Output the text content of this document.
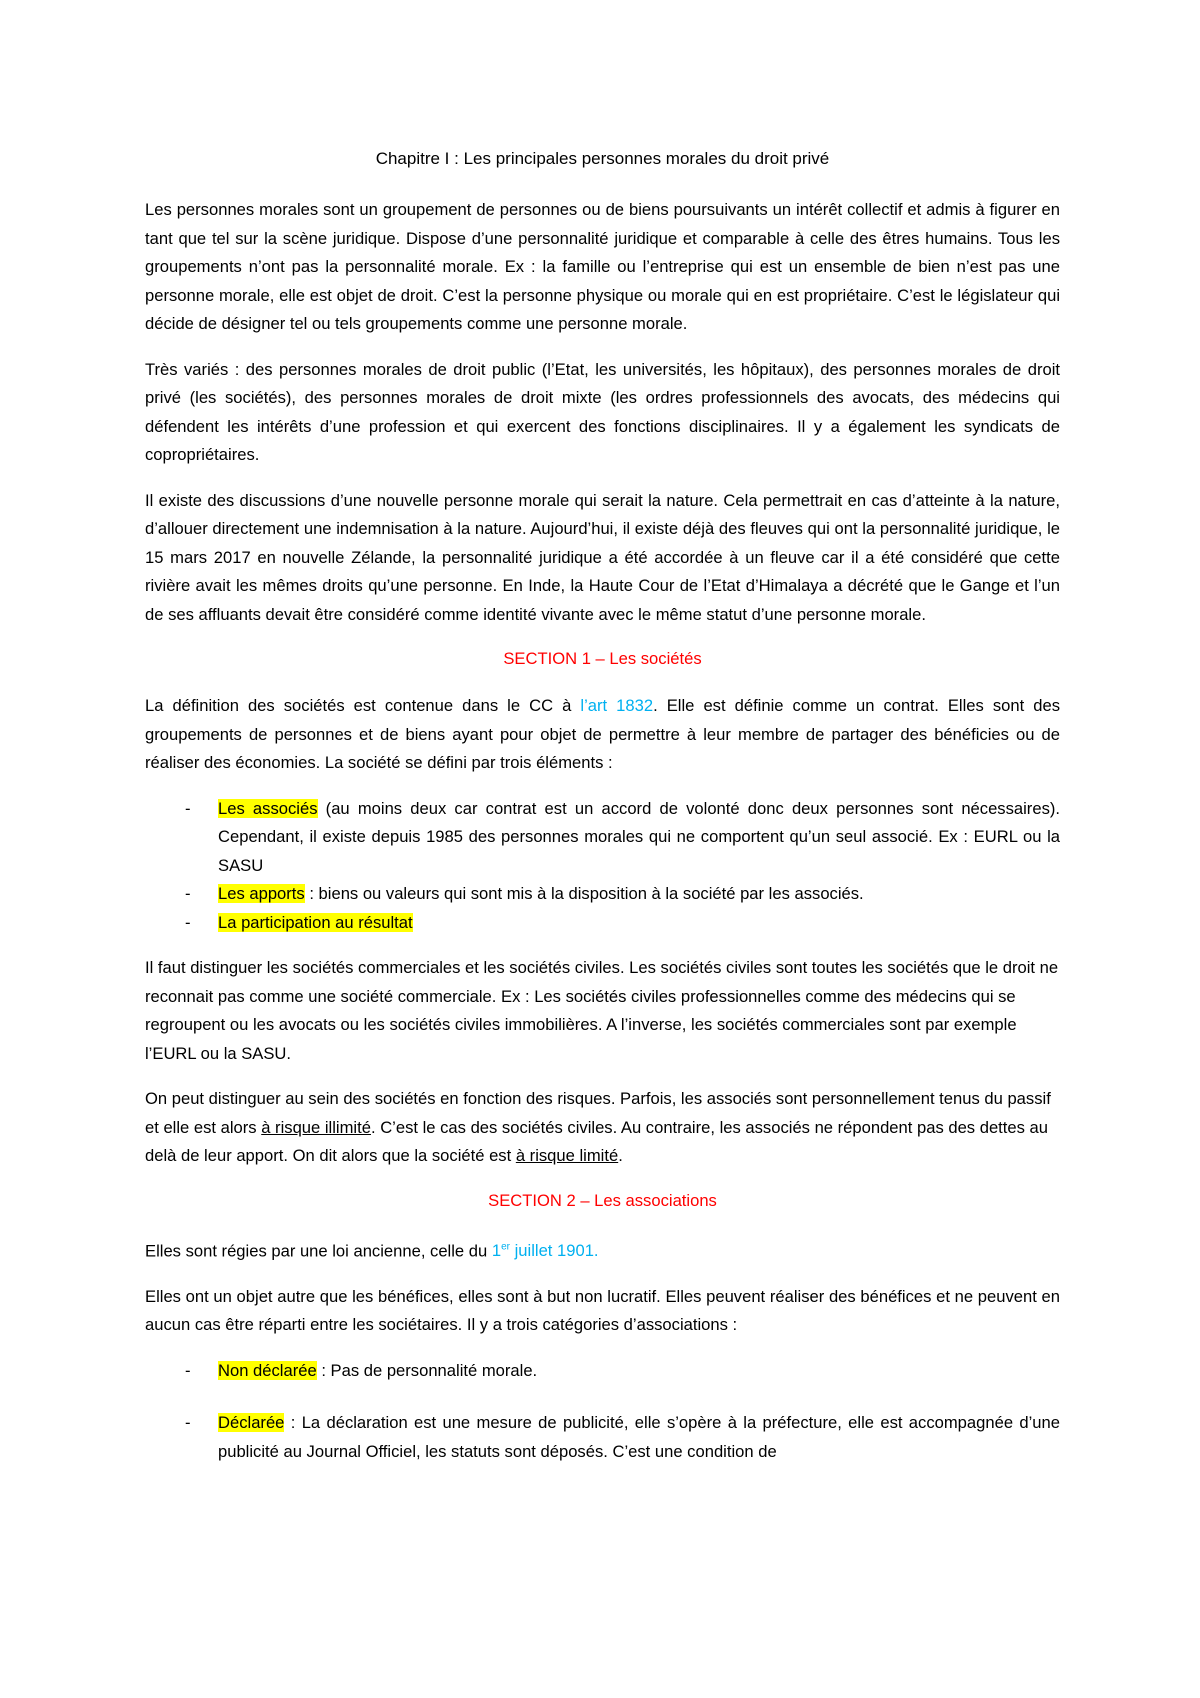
Chapitre I : Les principales personnes morales du droit privé

Les personnes morales sont un groupement de personnes ou de biens poursuivants un intérêt collectif et admis à figurer en tant que tel sur la scène juridique. Dispose d’une personnalité juridique et comparable à celle des êtres humains. Tous les groupements n’ont pas la personnalité morale. Ex : la famille ou l’entreprise qui est un ensemble de bien n’est pas une personne morale, elle est objet de droit. C’est la personne physique ou morale qui en est propriétaire. C’est le législateur qui décide de désigner tel ou tels groupements comme une personne morale.

Très variés : des personnes morales de droit public (l’Etat, les universités, les hôpitaux), des personnes morales de droit privé (les sociétés), des personnes morales de droit mixte (les ordres professionnels des avocats, des médecins qui défendent les intérêts d’une profession et qui exercent des fonctions disciplinaires. Il y a également les syndicats de copropriétaires.

Il existe des discussions d’une nouvelle personne morale qui serait la nature. Cela permettrait en cas d’atteinte à la nature, d’allouer directement une indemnisation à la nature. Aujourd’hui, il existe déjà des fleuves qui ont la personnalité juridique, le 15 mars 2017 en nouvelle Zélande, la personnalité juridique a été accordée à un fleuve car il a été considéré que cette rivière avait les mêmes droits qu’une personne. En Inde, la Haute Cour de l’Etat d’Himalaya a décrété que le Gange et l’un de ses affluants devait être considéré comme identité vivante avec le même statut d’une personne morale.

SECTION 1 – Les sociétés

La définition des sociétés est contenue dans le CC à l’art 1832. Elle est définie comme un contrat. Elles sont des groupements de personnes et de biens ayant pour objet de permettre à leur membre de partager des bénéficies ou de réaliser des économies. La société se défini par trois éléments :

- Les associés (au moins deux car contrat est un accord de volonté donc deux personnes sont nécessaires). Cependant, il existe depuis 1985 des personnes morales qui ne comportent qu’un seul associé. Ex : EURL ou la SASU
- Les apports : biens ou valeurs qui sont mis à la disposition à la société par les associés.
- La participation au résultat

Il faut distinguer les sociétés commerciales et les sociétés civiles. Les sociétés civiles sont toutes les sociétés que le droit ne reconnait pas comme une société commerciale. Ex : Les sociétés civiles professionnelles comme des médecins qui se regroupent ou les avocats ou les sociétés civiles immobilières. A l’inverse, les sociétés commerciales sont par exemple l’EURL ou la SASU.

On peut distinguer au sein des sociétés en fonction des risques. Parfois, les associés sont personnellement tenus du passif et elle est alors à risque illimité. C’est le cas des sociétés civiles. Au contraire, les associés ne répondent pas des dettes au delà de leur apport. On dit alors que la société est à risque limité.

SECTION 2 – Les associations

Elles sont régies par une loi ancienne, celle du 1er juillet 1901.

Elles ont un objet autre que les bénéfices, elles sont à but non lucratif. Elles peuvent réaliser des bénéfices et ne peuvent en aucun cas être réparti entre les sociétaires. Il y a trois catégories d’associations :

- Non déclarée : Pas de personnalité morale.
- Déclarée : La déclaration est une mesure de publicité, elle s’opère à la préfecture, elle est accompagnée d’une publicité au Journal Officiel, les statuts sont déposés. C’est une condition de
